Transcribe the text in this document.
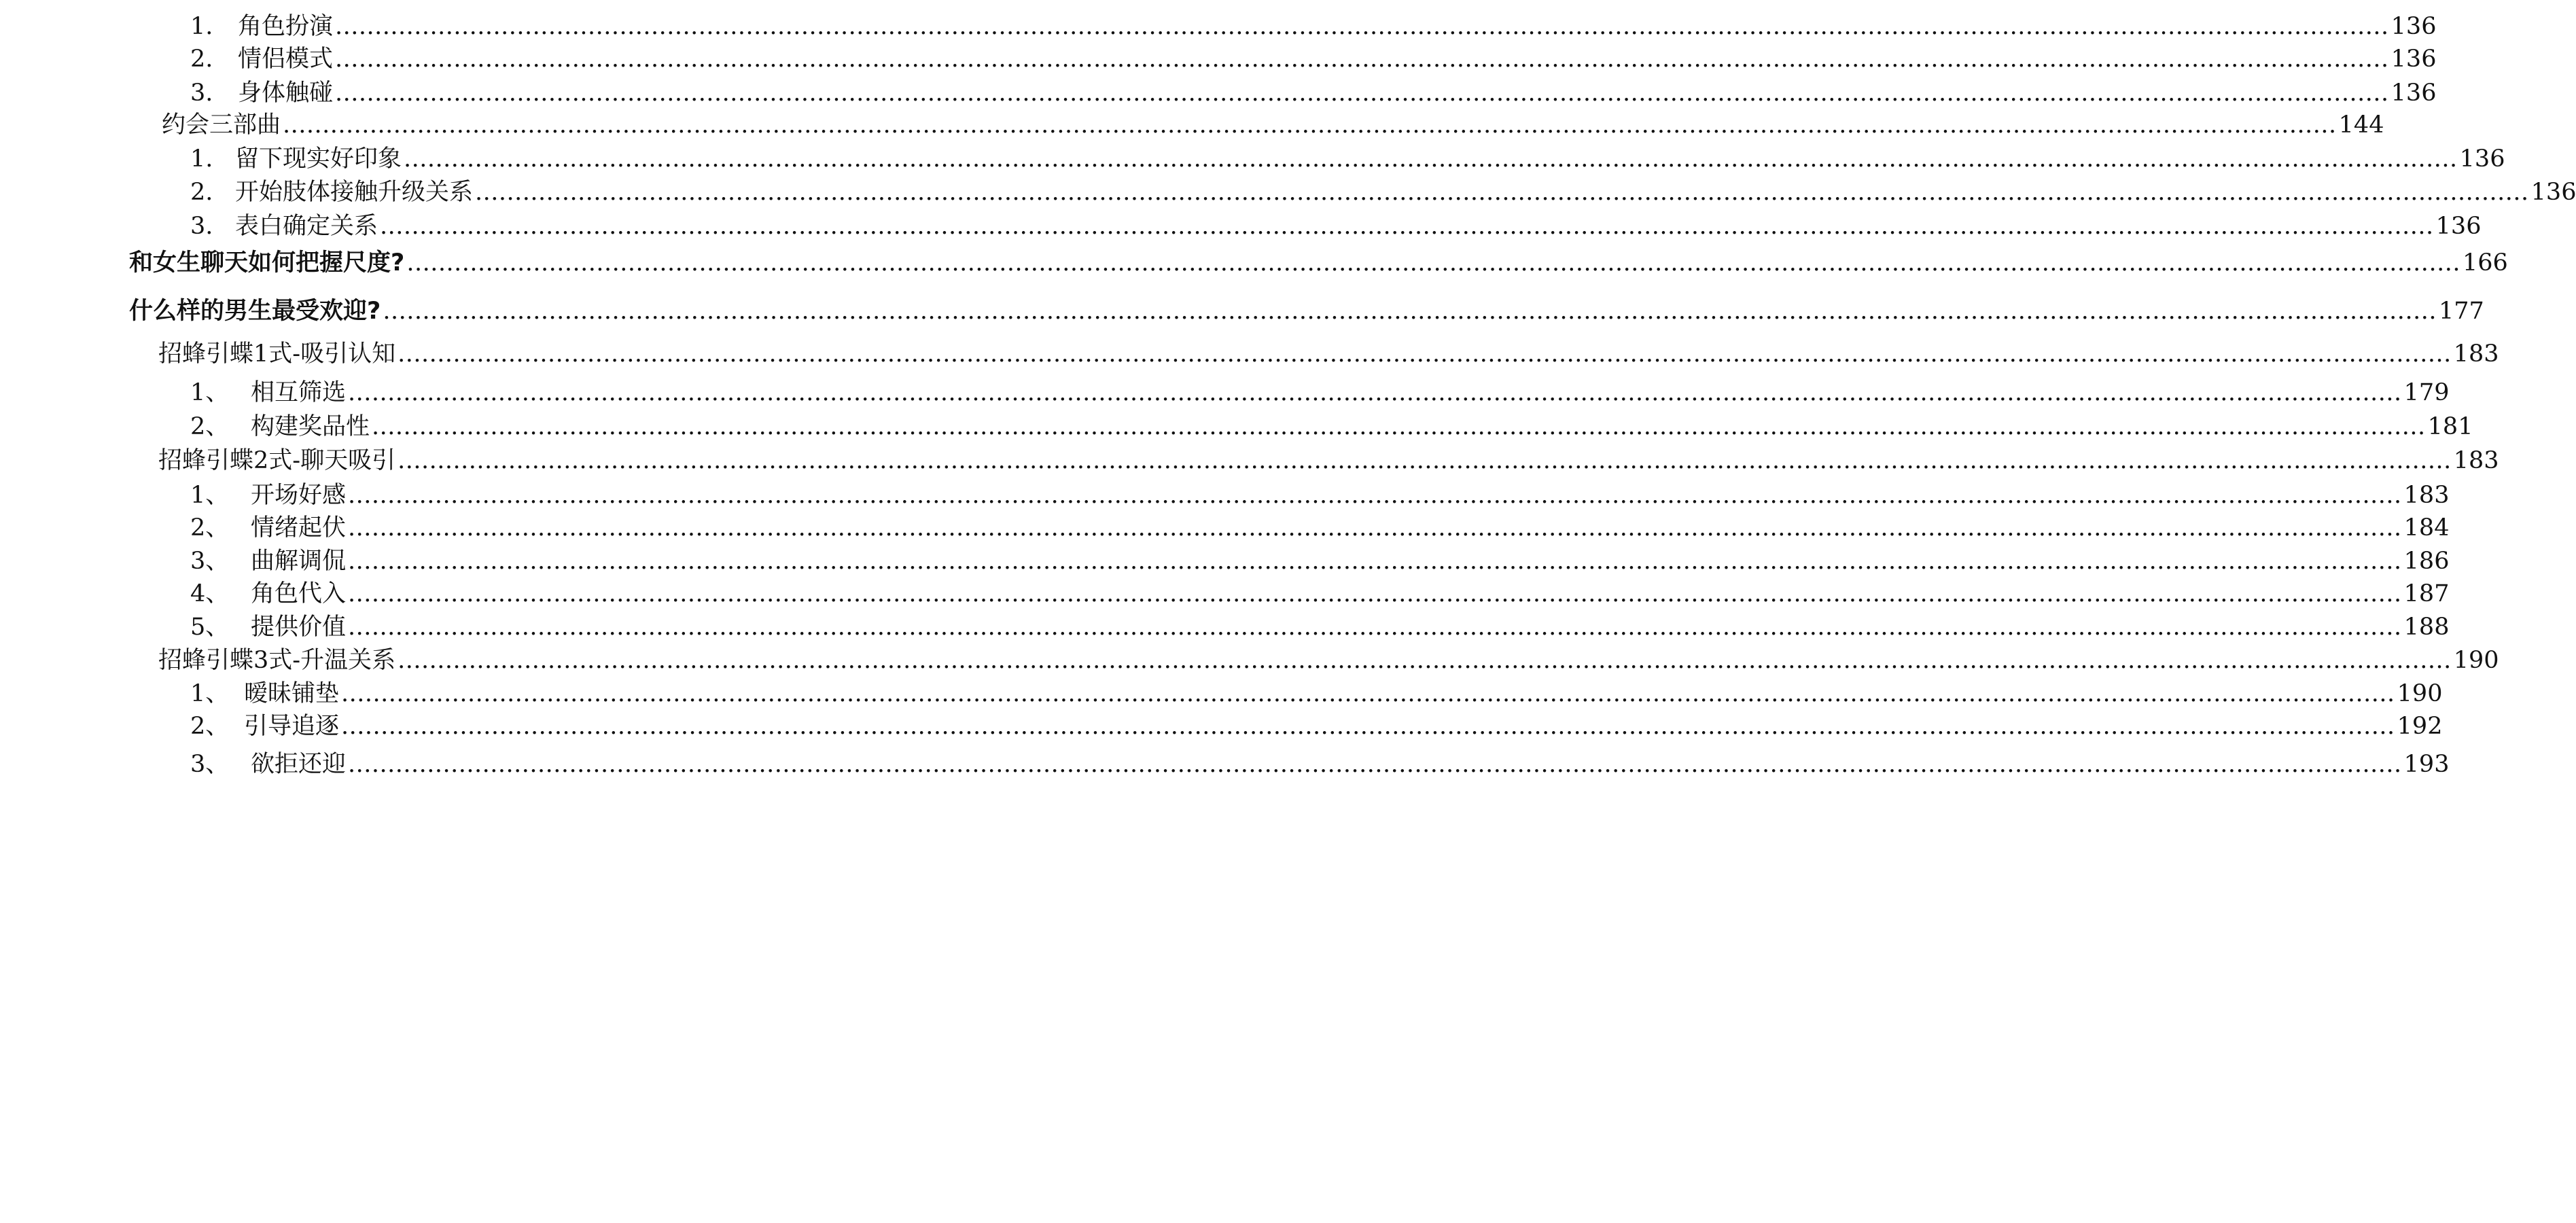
1.	角色扮演 .................................................................................................................................................................................................................................................................... 136
2.	情侣模式 .................................................................................................................................................................................................................................................................... 136
3.	身体触碰 .................................................................................................................................................................................................................................................................... 136
约会三部曲 .................................................................................................................................................................................................................................................................... 144
1. 留下现实好印象 .................................................................................................................................................................................................................................................................... 136
2. 开始肢体接触升级关系 .................................................................................................................................................................................................................................................................... 136
3. 表白确定关系 .................................................................................................................................................................................................................................................................... 136
和女生聊天如何把握尺度? .................................................................................................................................................................................................................................................................... 166
什么样的男生最受欢迎? .................................................................................................................................................................................................................................................................... 177
招蜂引蝶1式-吸引认知 .................................................................................................................................................................................................................................................................... 183
1、 相互筛选 .................................................................................................................................................................................................................................................................... 179
2、 构建奖品性 .................................................................................................................................................................................................................................................................... 181
招蜂引蝶2式-聊天吸引 .................................................................................................................................................................................................................................................................... 183
1、 开场好感 .................................................................................................................................................................................................................................................................... 183
2、 情绪起伏 .................................................................................................................................................................................................................................................................... 184
3、 曲解调侃 .................................................................................................................................................................................................................................................................... 186
4、 角色代入 .................................................................................................................................................................................................................................................................... 187
5、 提供价值 .................................................................................................................................................................................................................................................................... 188
招蜂引蝶3式-升温关系 .................................................................................................................................................................................................................................................................... 190
1、 暧昧铺垫 .................................................................................................................................................................................................................................................................... 190
2、 引导追逐 .................................................................................................................................................................................................................................................................... 192
3、 欲拒还迎 .................................................................................................................................................................................................................................................................... 193
